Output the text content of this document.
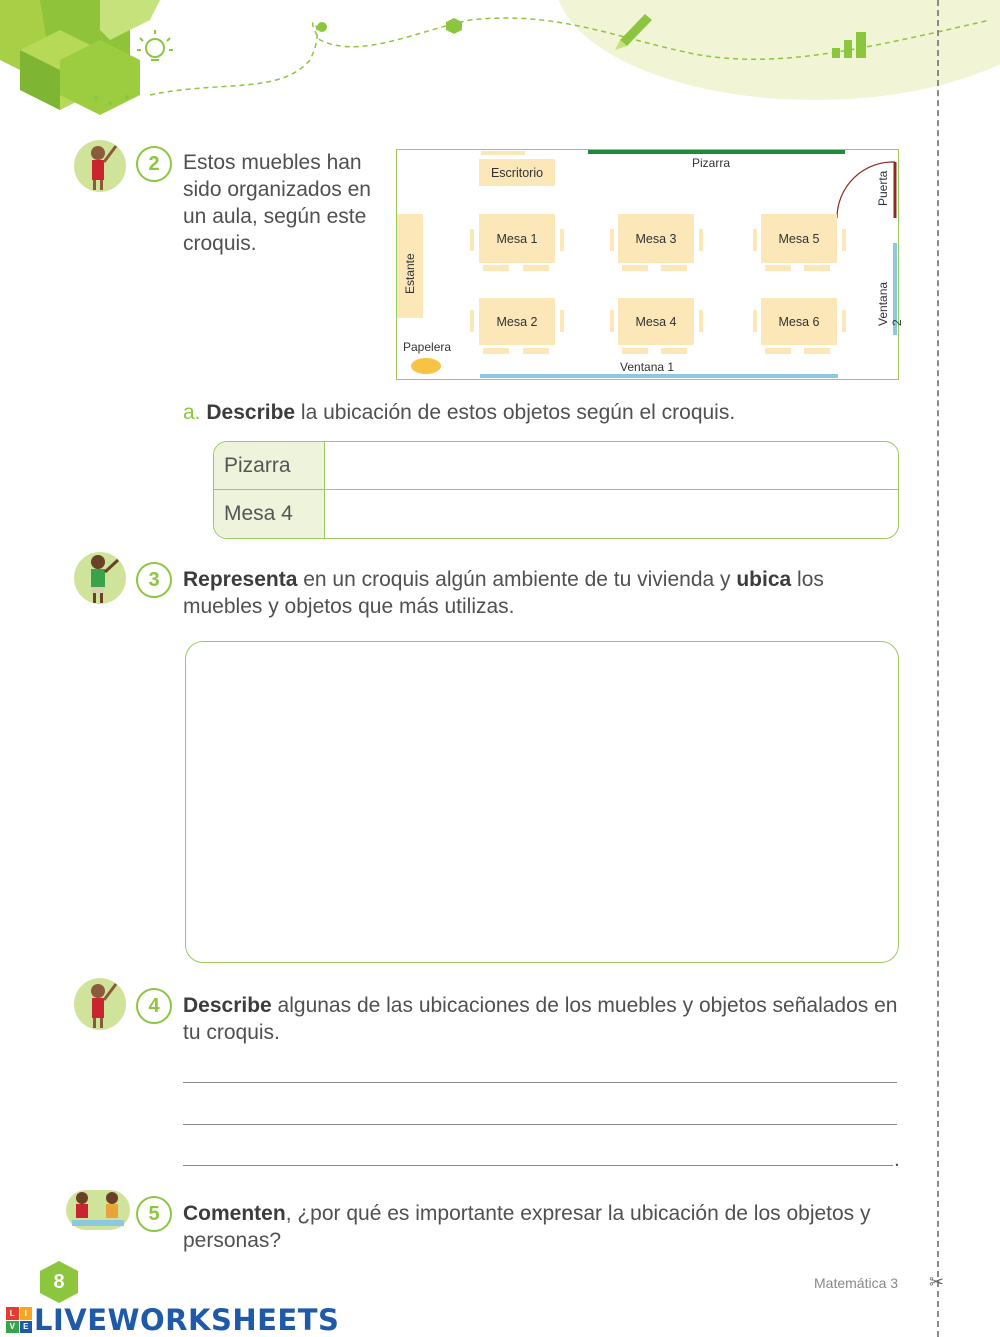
2	Estos muebles han
sido organizados en
un aula, según este
croquis.
Pizarra
Escritorio	Puerta
Estante
Ventana 2
Papelera
Ventana 1
Mesa 1	Mesa 3	Mesa 5
Mesa 2	Mesa 4	Mesa 6
a. Describe la ubicación de estos objetos según el croquis.
Pizarra
Mesa 4
3	Representa en un croquis algún ambiente de tu vivienda y ubica los
muebles y objetos que más utilizas.
4	Describe algunas de las ubicaciones de los muebles y objetos señalados en
tu croquis.
.
5	Comenten, ¿por qué es importante expresar la ubicación de los objetos y
personas?
8	Matemática 3 ✂
L	I
V	E LIVEWORKSHEETS
